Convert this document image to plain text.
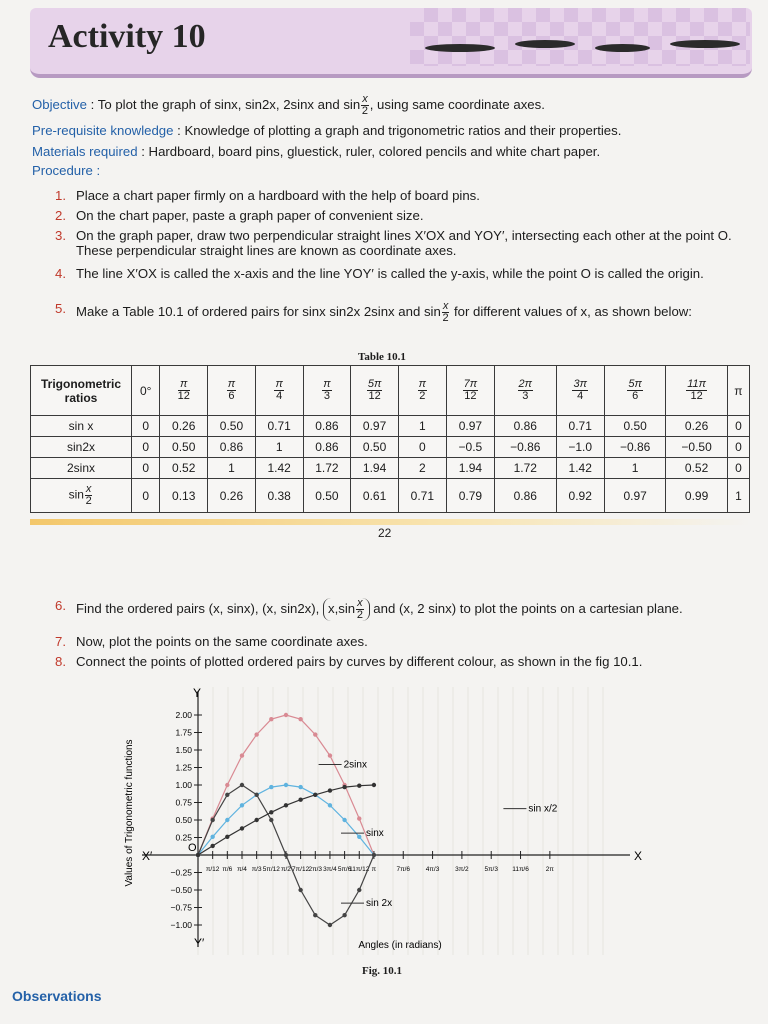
Activity 10
Objective : To plot the graph of sinx, sin2x, 2sinx and $\sin \frac{x}{2}$ , using same coordinate axes.
Pre-requisite knowledge : Knowledge of plotting a graph and trigonometric ratios and their properties.
Materials required : Hardboard, board pins, gluestick, ruler, colored pencils and white chart paper.
Procedure :
1. Place a chart paper firmly on a hardboard with the help of board pins.
2. On the chart paper, paste a graph paper of convenient size.
3. On the graph paper, draw two perpendicular straight lines X′OX and YOY′, intersecting each other at the point O. These perpendicular straight lines are known as coordinate axes.
4. The line X′OX is called the x-axis and the line YOY′ is called the y-axis, while the point O is called the origin.
5. Make a Table 10.1 of ordered pairs for sinx sin2x 2sinx and $\sin \frac{x}{2}$ for different values of x, as shown below:
Table 10.1
Trigonometric ratios	0°	$\frac{\pi}{12}$	$\frac{\pi}{6}$	$\frac{\pi}{4}$	$\frac{\pi}{3}$	$\frac{5\pi}{12}$	$\frac{\pi}{2}$	$\frac{7\pi}{12}$	$\frac{2\pi}{3}$	$\frac{3\pi}{4}$	$\frac{5\pi}{6}$	$\frac{11\pi}{12}$	π

sin x	0	0.26	0.50	0.71	0.86	0.97	1	0.97	0.86	0.71	0.50	0.26	0
sin2x	0	0.50	0.86	1	0.86	0.50	0	−0.5	−0.86	−1.0	−0.86	−0.50	0
2sinx	0	0.52	1	1.42	1.72	1.94	2	1.94	1.72	1.42	1	0.52	0
$\sin \frac{x}{2}$	0	0.13	0.26	0.38	0.50	0.61	0.71	0.79	0.86	0.92	0.97	0.99	1
22
6. Find the ordered pairs (x, sinx), (x, sin2x), $x,\sin \frac{x}{2}$ and (x, 2 sinx) to plot the points on a cartesian plane.
7. Now, plot the points on the same coordinate axes.
8. Connect the points of plotted ordered pairs by curves by different colour, as shown in the fig 10.1.
X
X′
Y
Y′
O
2.00
1.75
1.50
1.25
1.00
0.75
0.50
0.25
−0.25
−0.50
−0.75
−1.00
π/12 π/6 π/4 π/3 5π/12 π/2 7π/12 2π/3 3π/4 5π/6
11π/12 π	7π/6 4π/3 3π/2 5π/3 11π/6	2π
Values of Trigonometric functions
Angles (in radians)
2sinx
sinx
sin 2x
sin x/2
Fig. 10.1
Observations
